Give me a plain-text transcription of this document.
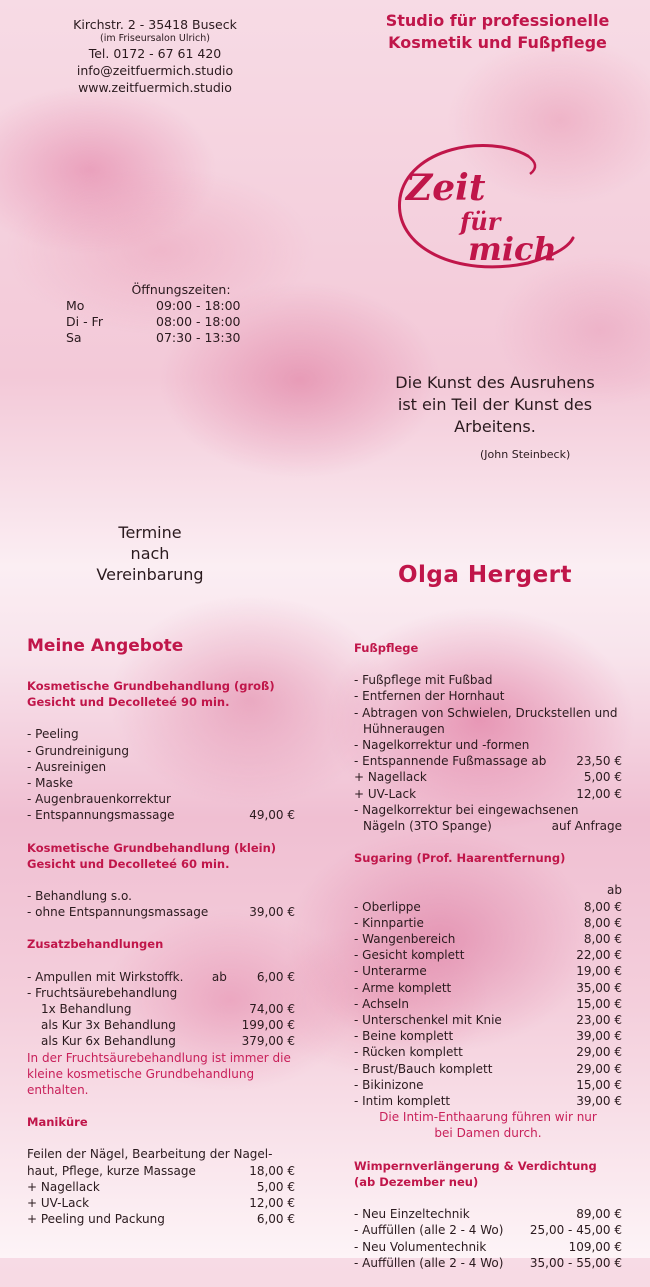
Kirchstr. 2 - 35418 Buseck
(im Friseursalon Ulrich)
Tel. 0172 - 67 61 420
info@zeitfuermich.studio
www.zeitfuermich.studio
Studio für professionelle
Kosmetik und Fußpflege
Zeit
für
mich
Öffnungszeiten:
Mo	09:00 - 18:00
Di - Fr	08:00 - 18:00
Sa	07:30 - 13:30
Die Kunst des Ausruhens
ist ein Teil der Kunst des
Arbeitens.
(John Steinbeck)
Termine
nach
Vereinbarung	Olga Hergert
Meine Angebote
Kosmetische Grundbehandlung (groß)
Gesicht und Decolleteé 90 min.
- Peeling
- Grundreinigung
- Ausreinigen
- Maske
- Augenbrauenkorrektur
- Entspannungsmassage	49,00 €
Kosmetische Grundbehandlung (klein)
Gesicht und Decolleteé 60 min.
- Behandlung s.o.
- ohne Entspannungsmassage	39,00 €
Zusatzbehandlungen
- Ampullen mit Wirkstoffk. ab	6,00 €
- Fruchtsäurebehandlung
1x Behandlung	74,00 €
als Kur 3x Behandlung	199,00 €
als Kur 6x Behandlung	379,00 €
In der Fruchtsäurebehandlung ist immer die
kleine kosmetische Grundbehandlung
enthalten.
Maniküre
Feilen der Nägel, Bearbeitung der Nagel-
haut, Pflege, kurze Massage	18,00 €
+ Nagellack	5,00 €
+ UV-Lack	12,00 €
+ Peeling und Packung	6,00 €
Fußpflege
- Fußpflege mit Fußbad
- Entfernen der Hornhaut
- Abtragen von Schwielen, Druckstellen und
Hühneraugen
- Nagelkorrektur und -formen
- Entspannende Fußmassage ab 23,50 €
+ Nagellack	5,00 €
+ UV-Lack	12,00 €
- Nagelkorrektur bei eingewachsenen
Nägeln (3TO Spange)	auf Anfrage
Sugaring (Prof. Haarentfernung)
ab
- Oberlippe	8,00 €
- Kinnpartie	8,00 €
- Wangenbereich	8,00 €
- Gesicht komplett	22,00 €
- Unterarme	19,00 €
- Arme komplett	35,00 €
- Achseln	15,00 €
- Unterschenkel mit Knie	23,00 €
- Beine komplett	39,00 €
- Rücken komplett	29,00 €
- Brust/Bauch komplett	29,00 €
- Bikinizone	15,00 €
- Intim komplett	39,00 €
Die Intim-Enthaarung führen wir nur
bei Damen durch.
Wimpernverlängerung & Verdichtung
(ab Dezember neu)
- Neu Einzeltechnik	89,00 €
- Auffüllen (alle 2 - 4 Wo) 25,00 - 45,00 €
- Neu Volumentechnik	109,00 €
- Auffüllen (alle 2 - 4 Wo) 35,00 - 55,00 €
